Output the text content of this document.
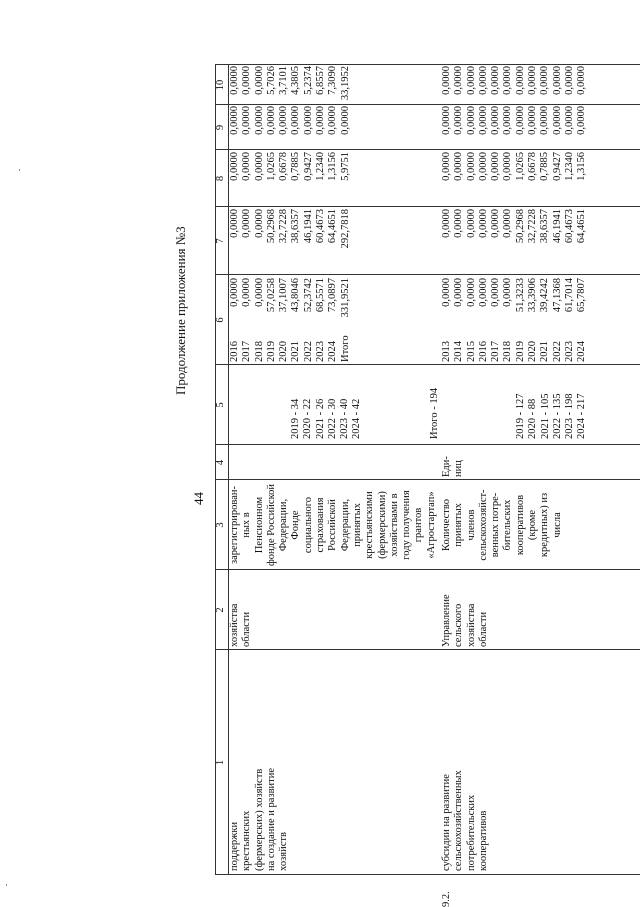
44
Продолжение приложения №3
1
2
3
4
5
6
7
8
9
10
поддержки
крестьянских
(фермерских) хозяйств
на создание и развитие
хозяйств
хозяйства
области
зарегистрирован-
ных в
Пенсионном
фонде Российской
Федерации,
Фонде
социального
страхования
Российской
Федерации,
принятых
крестьянскими
(фермерскими)
хозяйствами в
году получения
грантов
«Агростартап»
2019 - 34 2020 - 22 2021 - 26 2022 - 30 2023 - 40 2024 - 42
2016 2017 2018 2019 2020 2021 2022 2023 2024 Итого
0,0000 0,0000 0,0000 57,0258 37,1007 43,8046 52,3742 68,5571 73,0897 331,9521
0,0000 0,0000 0,0000 50,2968 32,7228 38,6357 46,1941 60,4673 64,4651 292,7818
0,0000 0,0000 0,0000 1,0265 0,6678 0,7885 0,9427 1,2340 1,3156 5,9751
0,0000 0,0000 0,0000 0,0000 0,0000 0,0000 0,0000 0,0000 0,0000 0,0000
0,0000 0,0000 0,0000 5,7026 3,7101 4,3805 5,2374 6,8557 7,3090 33,1952
9.2.
субсидии на развитие
сельскохозяйственных
потребительских
кооперативов
Управление
сельского
хозяйства
области
Количество
принятых
членов
сельскохозяйст-
венных потре-
бительских
кооперативов
(кроме
кредитных) из
числа
Еди-
ниц
Итого - 194	2019 - 127 2020 - 88 2021 - 105 2022 - 135 2023 - 198 2024 - 217
2013 2014 2015 2016 2017 2018 2019 2020 2021 2022 2023 2024
0,0000 0,0000 0,0000 0,0000 0,0000 0,0000 51,3233 33,3906 39,4242 47,1368 61,7014 65,7807
0,0000 0,0000 0,0000 0,0000 0,0000 0,0000 50,2968 32,7228 38,6357 46,1941 60,4673 64,4651
0,0000 0,0000 0,0000 0,0000 0,0000 0,0000 1,0265 0,6678 0,7885 0,9427 1,2340 1,3156
0,0000 0,0000 0,0000 0,0000 0,0000 0,0000 0,0000 0,0000 0,0000 0,0000 0,0000 0,0000
0,0000 0,0000 0,0000 0,0000 0,0000 0,0000 0,0000 0,0000 0,0000 0,0000 0,0000 0,0000
·
·
